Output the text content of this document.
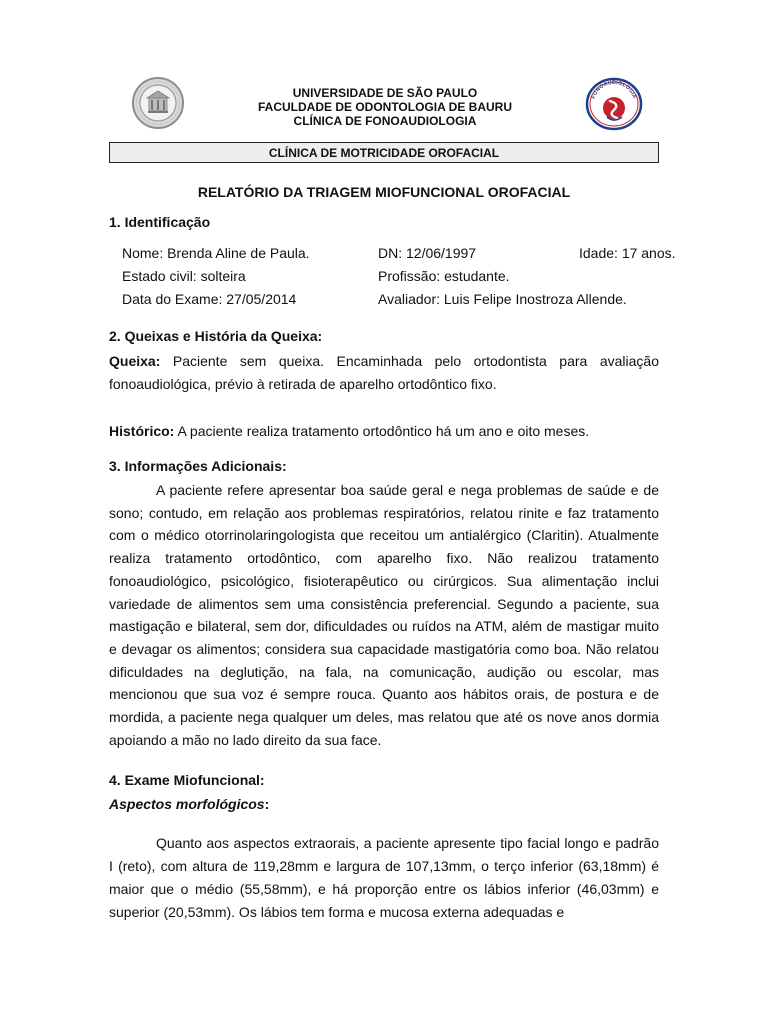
UNIVERSIDADE DE SÃO PAULO
FACULDADE DE ODONTOLOGIA DE BAURU
CLÍNICA DE FONOAUDIOLOGIA
FONOAUDIOLOGIA
CLÍNICA DE MOTRICIDADE OROFACIAL
RELATÓRIO DA TRIAGEM MIOFUNCIONAL OROFACIAL
1. Identificação
Nome: Brenda Aline de Paula.	DN: 12/06/1997	Idade: 17 anos.
Estado civil: solteira	Profissão: estudante.
Data do Exame: 27/05/2014	Avaliador: Luis Felipe Inostroza Allende.
2. Queixas e História da Queixa:

Queixa: Paciente sem queixa. Encaminhada pelo ortodontista para avaliação fonoaudiológica, prévio à retirada de aparelho ortodôntico fixo.

Histórico: A paciente realiza tratamento ortodôntico há um ano e oito meses.

3. Informações Adicionais:

A paciente refere apresentar boa saúde geral e nega problemas de saúde e de sono; contudo, em relação aos problemas respiratórios, relatou rinite e faz tratamento com o médico otorrinolaringologista que receitou um antialérgico (Claritin). Atualmente realiza tratamento ortodôntico, com aparelho fixo. Não realizou tratamento fonoaudiológico, psicológico, fisioterapêutico ou cirúrgicos. Sua alimentação inclui variedade de alimentos sem uma consistência preferencial. Segundo a paciente, sua mastigação e bilateral, sem dor, dificuldades ou ruídos na ATM, além de mastigar muito e devagar os alimentos; considera sua capacidade mastigatória como boa. Não relatou dificuldades na deglutição, na fala, na comunicação, audição ou escolar, mas mencionou que sua voz é sempre rouca. Quanto aos hábitos orais, de postura e de mordida, a paciente nega qualquer um deles, mas relatou que até os nove anos dormia apoiando a mão no lado direito da sua face.

4. Exame Miofuncional:
Aspectos morfológicos:

Quanto aos aspectos extraorais, a paciente apresente tipo facial longo e padrão I (reto), com altura de 119,28mm e largura de 107,13mm, o terço inferior (63,18mm) é maior que o médio (55,58mm), e há proporção entre os lábios inferior (46,03mm) e superior (20,53mm). Os lábios tem forma e mucosa externa adequadas e
